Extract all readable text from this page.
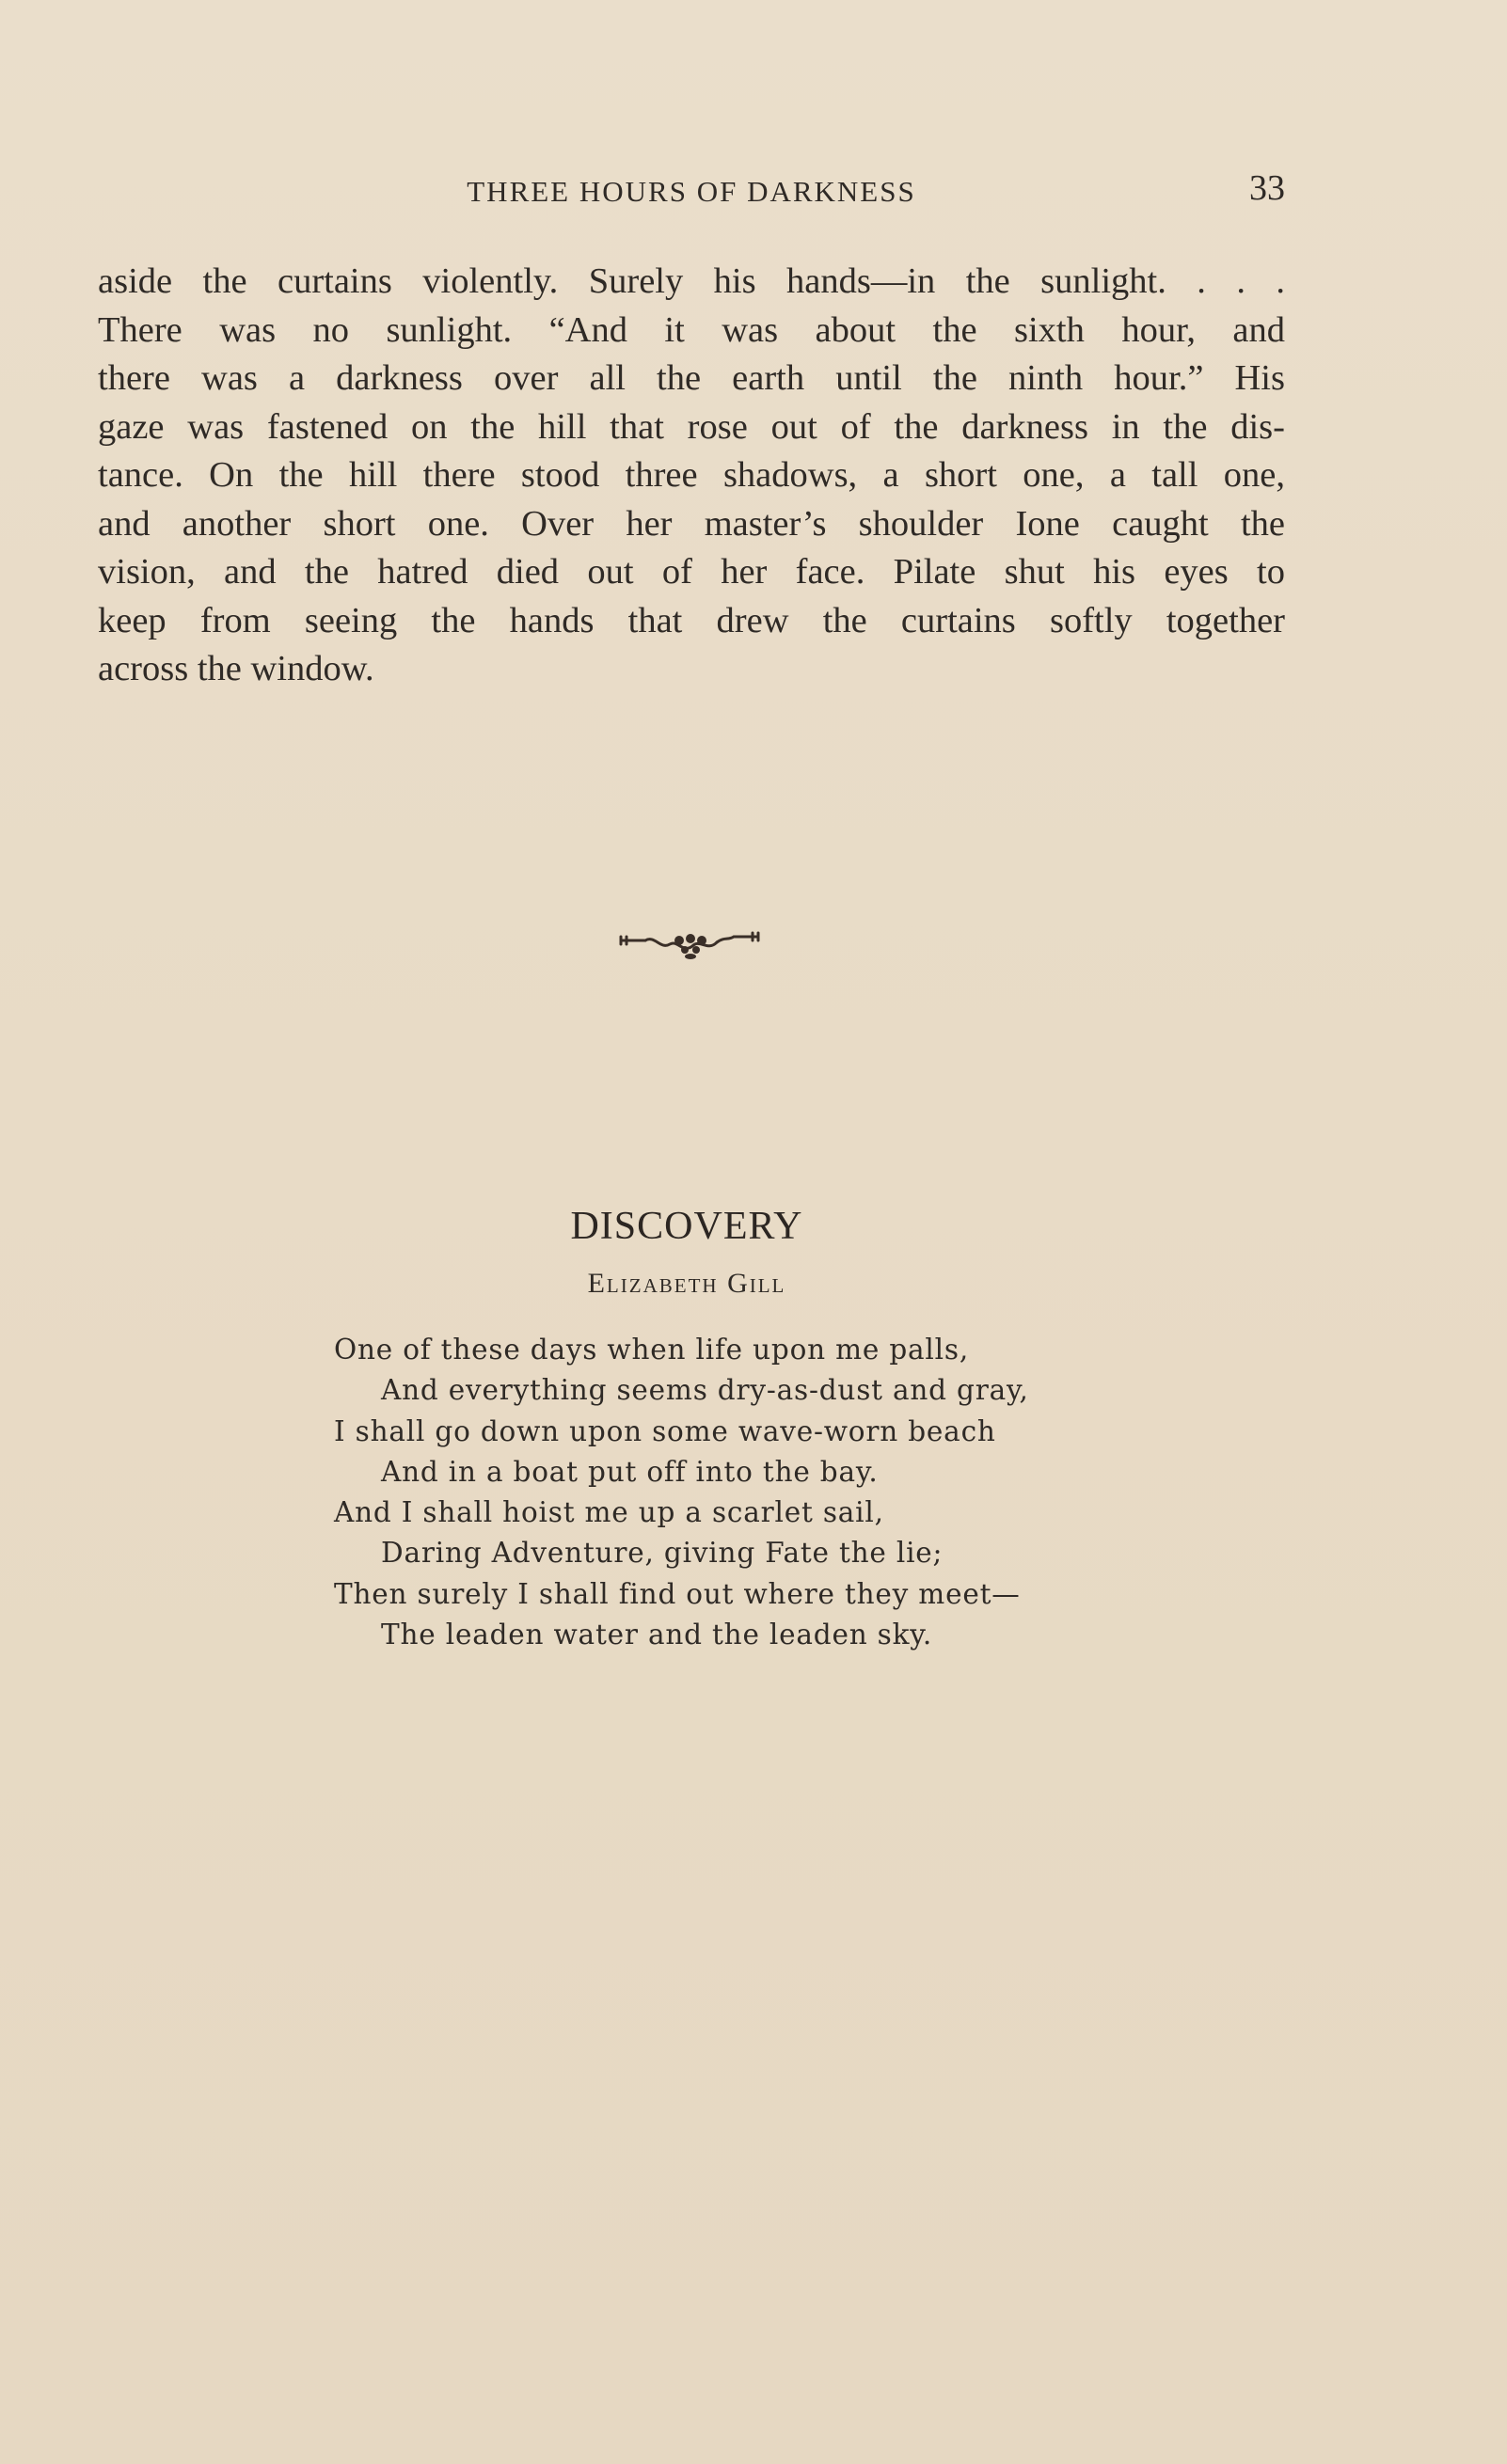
THREE HOURS OF DARKNESS	33
aside the curtains violently. Surely his hands—in the sunlight. . . .
There was no sunlight. “And it was about the sixth hour, and
there was a darkness over all the earth until the ninth hour.” His
gaze was fastened on the hill that rose out of the darkness in the dis-
tance. On the hill there stood three shadows, a short one, a tall one,
and another short one. Over her master’s shoulder Ione caught the
vision, and the hatred died out of her face. Pilate shut his eyes to
keep from seeing the hands that drew the curtains softly together
across the window.
DISCOVERY
Elizabeth Gill
One of these days when life upon me palls,
And everything seems dry-as-dust and gray,
I shall go down upon some wave-worn beach
And in a boat put off into the bay.
And I shall hoist me up a scarlet sail,
Daring Adventure, giving Fate the lie;
Then surely I shall find out where they meet—
The leaden water and the leaden sky.
